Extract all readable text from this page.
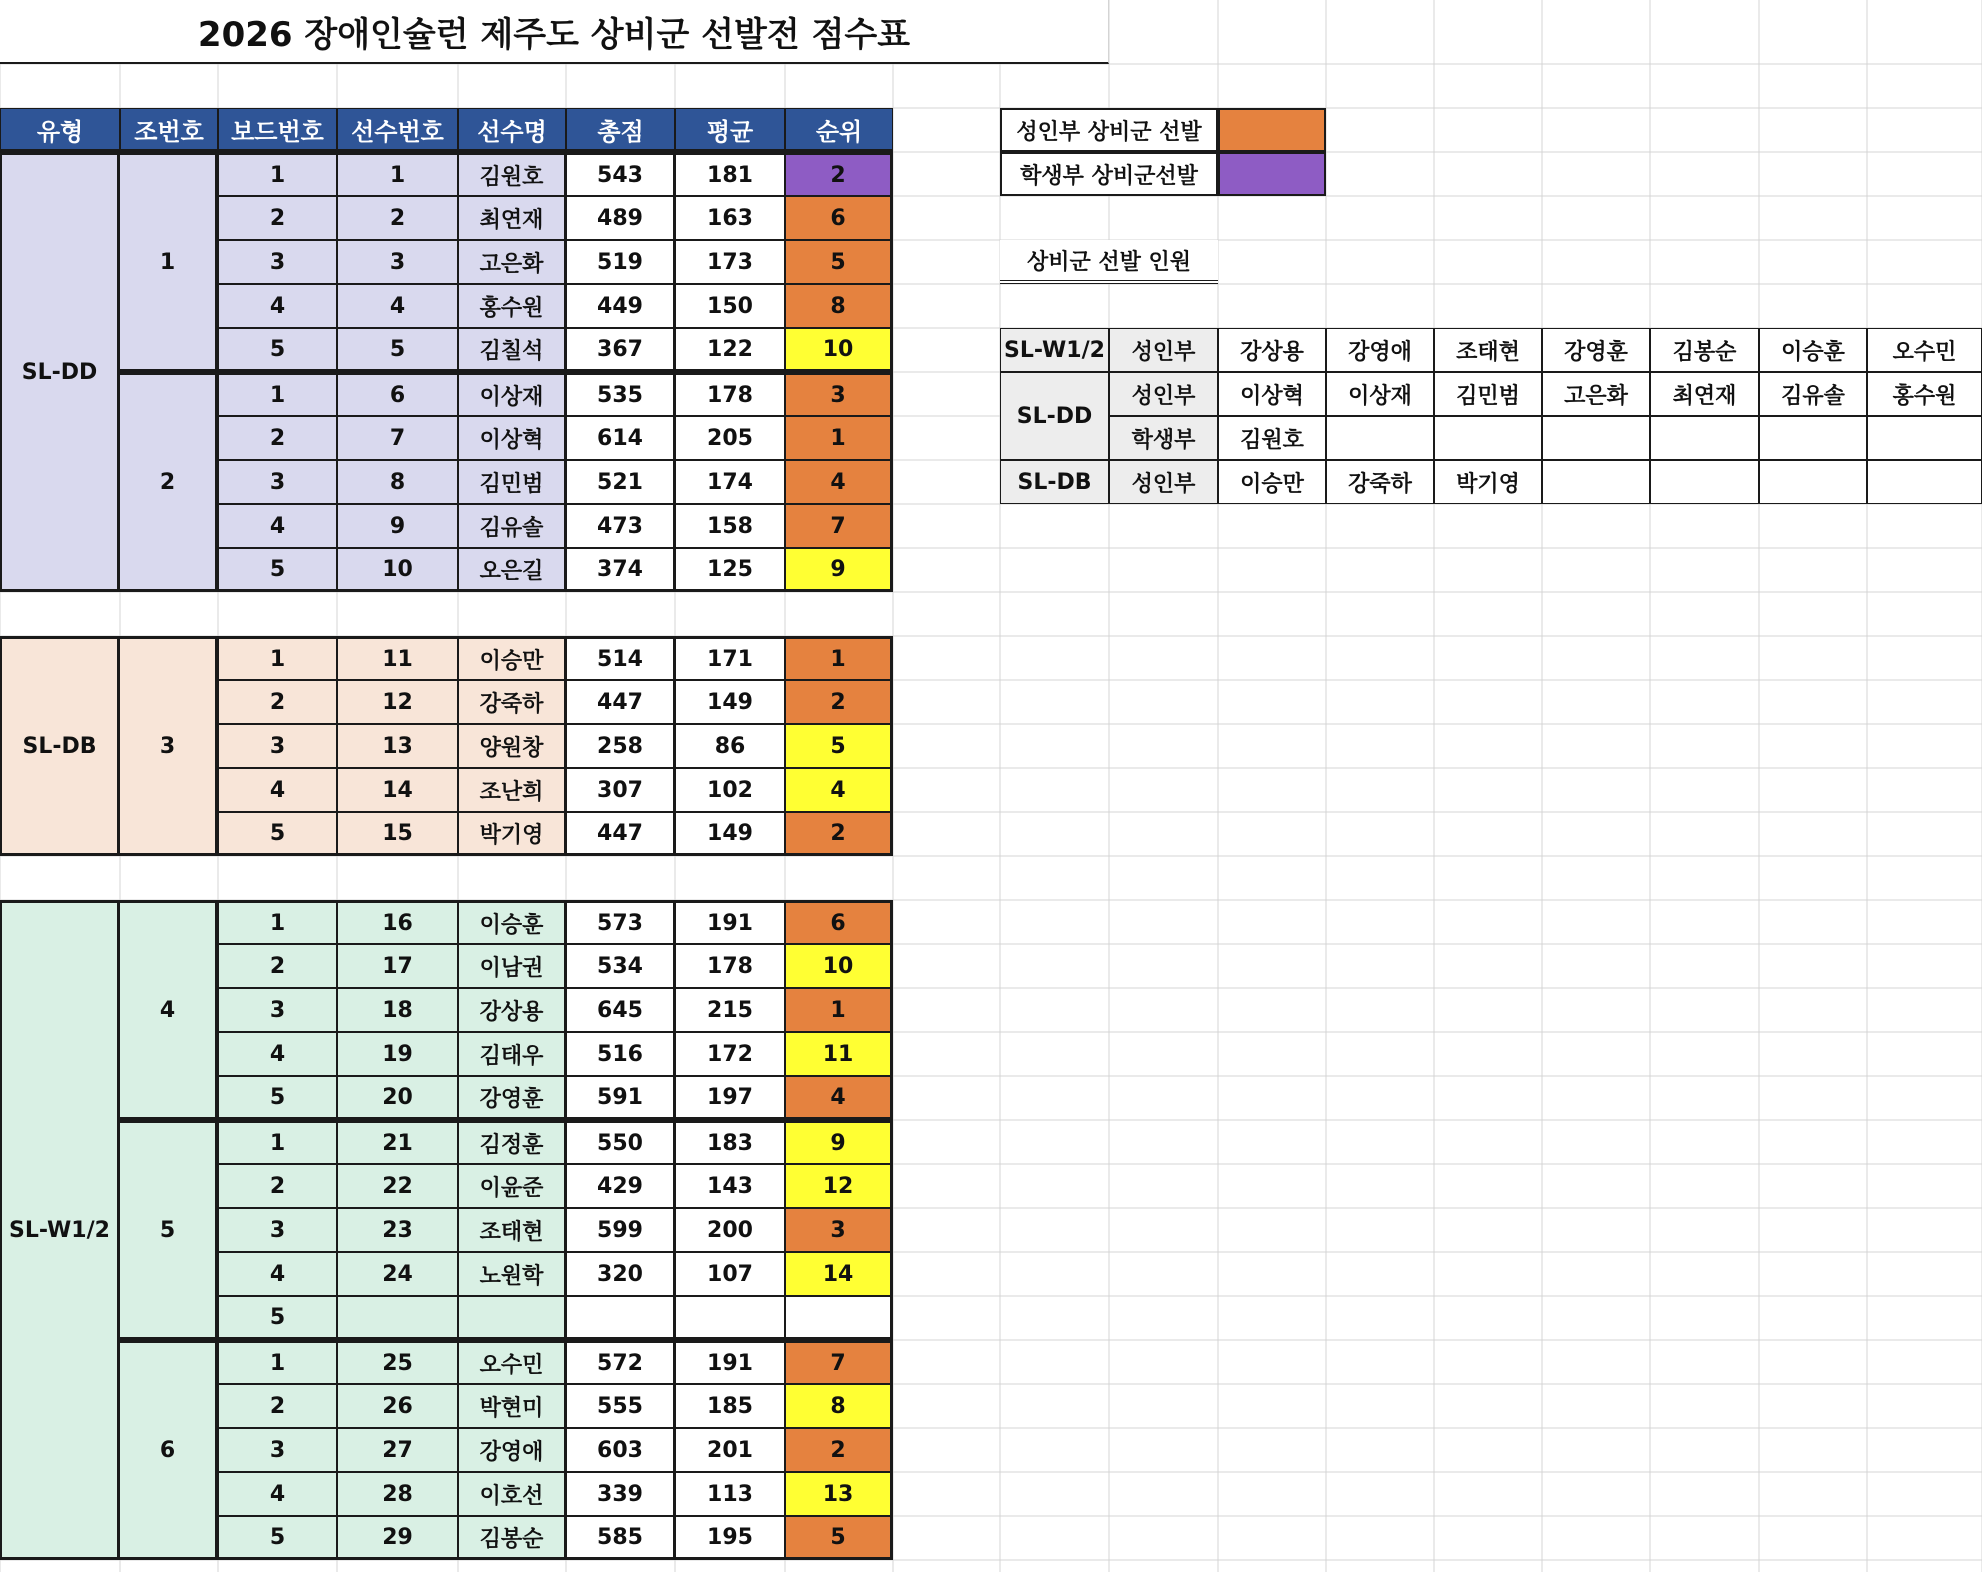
2026 장애인슐런 제주도 상비군 선발전 점수표
유형	조번호	보드번호	선수번호	선수명	총점	평균	순위
SL-DD
1
1	1	김원호	543	181	2
2	2	최연재	489	163	6
3	3	고은화	519	173	5
4	4	홍수원	449	150	8
5	5	김칠석	367	122	10
2
1	6	이상재	535	178	3
2	7	이상혁	614	205	1
3	8	김민범	521	174	4
4	9	김유솔	473	158	7
5	10	오은길	374	125	9
SL-DB	3
1	11	이승만	514	171	1
2	12	강죽하	447	149	2
3	13	양원창	258	86	5
4	14	조난희	307	102	4
5	15	박기영	447	149	2
SL-W1/2
4
1	16	이승훈	573	191	6
2	17	이남권	534	178	10
3	18	강상용	645	215	1
4	19	김태우	516	172	11
5	20	강영훈	591	197	4
5
1	21	김정훈	550	183	9
2	22	이윤준	429	143	12
3	23	조태현	599	200	3
4	24	노원학	320	107	14
5
6
1	25	오수민	572	191	7
2	26	박현미	555	185	8
3	27	강영애	603	201	2
4	28	이호선	339	113	13
5	29	김봉순	585	195	5
성인부 상비군 선발
학생부 상비군선발
상비군 선발 인원
SL-W1/2	성인부	강상용	강영애	조태현	강영훈	김봉순	이승훈	오수민
SL-DD
성인부	이상혁	이상재	김민범	고은화	최연재	김유솔	홍수원
학생부	김원호
SL-DB	성인부	이승만	강죽하	박기영
